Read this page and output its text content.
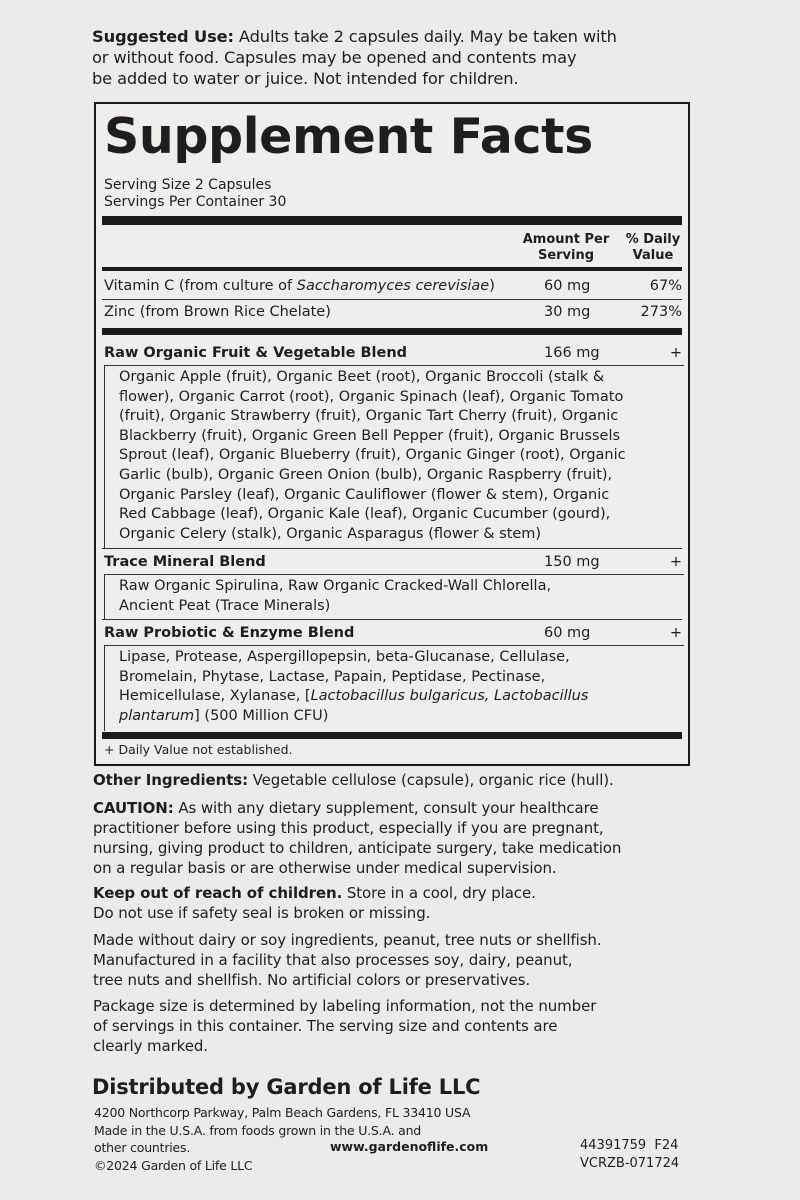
Suggested Use: Adults take 2 capsules daily. May be taken with
or without food. Capsules may be opened and contents may
be added to water or juice. Not intended for children.
Supplement Facts
Serving Size 2 Capsules
Servings Per Container 30
Amount Per Serving
% Daily Value
Vitamin C (from culture of Saccharomyces cerevisiae)	60 mg	67%
Zinc (from Brown Rice Chelate)	30 mg	273%
Raw Organic Fruit & Vegetable Blend	166 mg	+
Organic Apple (fruit), Organic Beet (root), Organic Broccoli (stalk &
flower), Organic Carrot (root), Organic Spinach (leaf), Organic Tomato
(fruit), Organic Strawberry (fruit), Organic Tart Cherry (fruit), Organic
Blackberry (fruit), Organic Green Bell Pepper (fruit), Organic Brussels
Sprout (leaf), Organic Blueberry (fruit), Organic Ginger (root), Organic
Garlic (bulb), Organic Green Onion (bulb), Organic Raspberry (fruit),
Organic Parsley (leaf), Organic Cauliflower (flower & stem), Organic
Red Cabbage (leaf), Organic Kale (leaf), Organic Cucumber (gourd),
Organic Celery (stalk), Organic Asparagus (flower & stem)
Trace Mineral Blend	150 mg	+
Raw Organic Spirulina, Raw Organic Cracked-Wall Chlorella,
Ancient Peat (Trace Minerals)
Raw Probiotic & Enzyme Blend	60 mg	+
Lipase, Protease, Aspergillopepsin, beta-Glucanase, Cellulase,
Bromelain, Phytase, Lactase, Papain, Peptidase, Pectinase,
Hemicellulase, Xylanase, [Lactobacillus bulgaricus, Lactobacillus
plantarum] (500 Million CFU)
+ Daily Value not established.
Other Ingredients: Vegetable cellulose (capsule), organic rice (hull).
CAUTION: As with any dietary supplement, consult your healthcare
practitioner before using this product, especially if you are pregnant,
nursing, giving product to children, anticipate surgery, take medication
on a regular basis or are otherwise under medical supervision.
Keep out of reach of children. Store in a cool, dry place.
Do not use if safety seal is broken or missing.
Made without dairy or soy ingredients, peanut, tree nuts or shellfish.
Manufactured in a facility that also processes soy, dairy, peanut,
tree nuts and shellfish. No artificial colors or preservatives.
Package size is determined by labeling information, not the number
of servings in this container. The serving size and contents are
clearly marked.
Distributed by Garden of Life LLC
4200 Northcorp Parkway, Palm Beach Gardens, FL 33410 USA
Made in the U.S.A. from foods grown in the U.S.A. and
other countries.
©2024 Garden of Life LLC
www.gardenoflife.com	44391759  F24
VCRZB-071724
